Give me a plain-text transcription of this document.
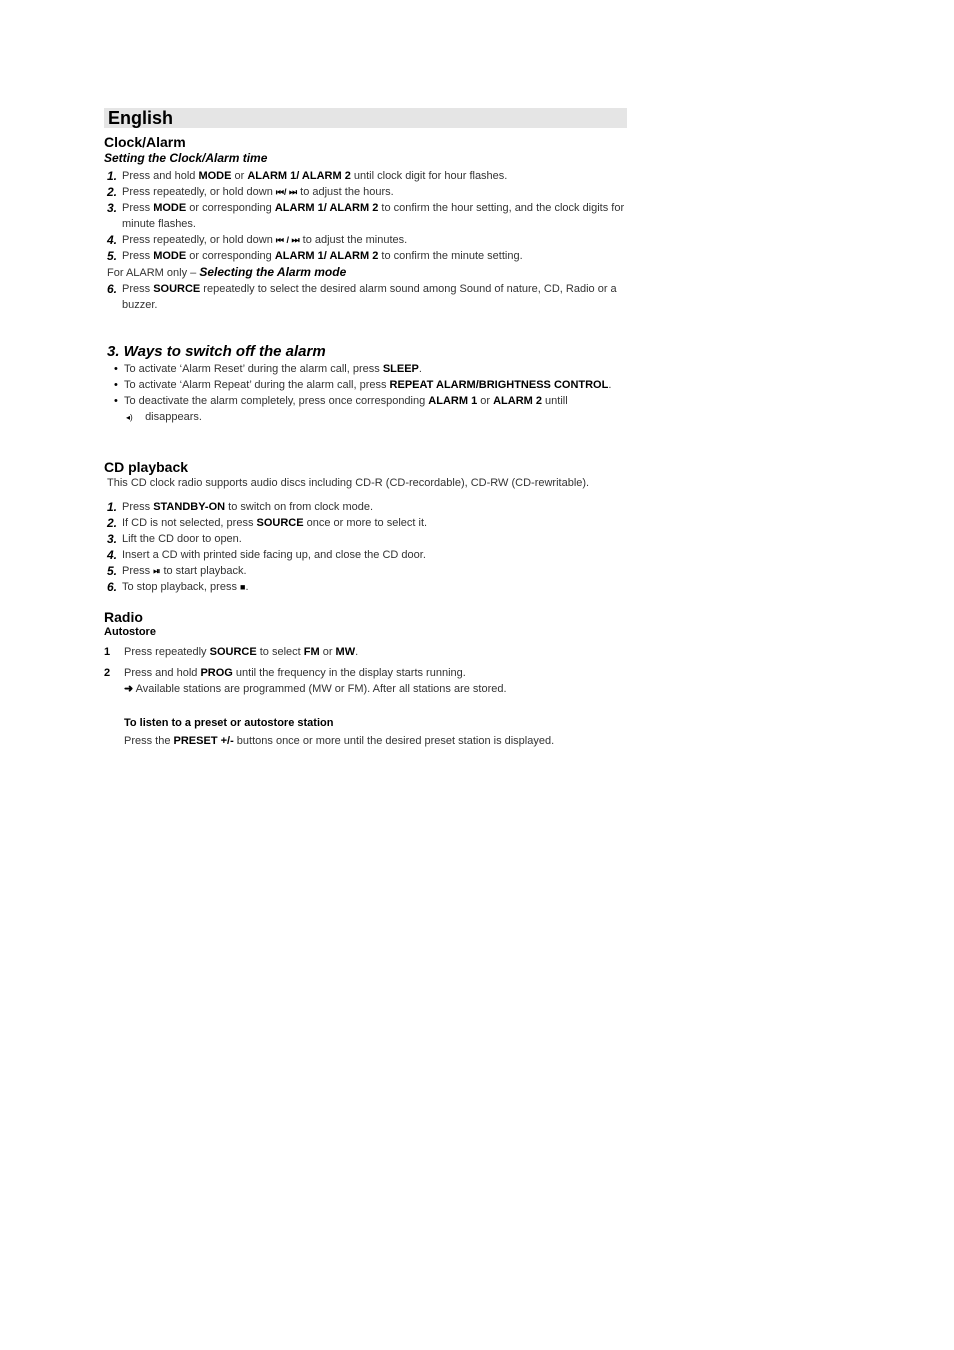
English
Clock/Alarm
Setting the Clock/Alarm time
1. Press and hold MODE or ALARM 1/ ALARM 2 until clock digit for hour flashes.
2. Press repeatedly, or hold down ⏮/ ⏭ to adjust the hours.
3. Press MODE or corresponding ALARM 1/ ALARM 2 to confirm the hour setting, and the clock digits for minute flashes.
4. Press repeatedly, or hold down ⏮ / ⏭ to adjust the minutes.
5. Press MODE or corresponding ALARM 1/ ALARM 2 to confirm the minute setting.
For ALARM only – Selecting the Alarm mode
6. Press SOURCE repeatedly to select the desired alarm sound among Sound of nature, CD, Radio or a buzzer.
3. Ways to switch off the alarm
• To activate ‘Alarm Reset’ during the alarm call, press SLEEP.
• To activate ‘Alarm Repeat’ during the alarm call, press REPEAT ALARM/BRIGHTNESS CONTROL.
• To deactivate the alarm completely, press once corresponding ALARM 1 or ALARM 2 untill
◂) disappears.
CD playback
This CD clock radio supports audio discs including CD-R (CD-recordable), CD-RW (CD-rewritable).
1. Press STANDBY-ON to switch on from clock mode.
2. If CD is not selected, press SOURCE once or more to select it.
3. Lift the CD door to open.
4. Insert a CD with printed side facing up, and close the CD door.
5. Press ⏯ to start playback.
6. To stop playback, press ■.
Radio
Autostore
1 Press repeatedly SOURCE to select FM or MW.
2 Press and hold PROG until the frequency in the display starts running.
➜ Available stations are programmed (MW or FM). After all stations are stored.
To listen to a preset or autostore station
Press the PRESET +/- buttons once or more until the desired preset station is displayed.
